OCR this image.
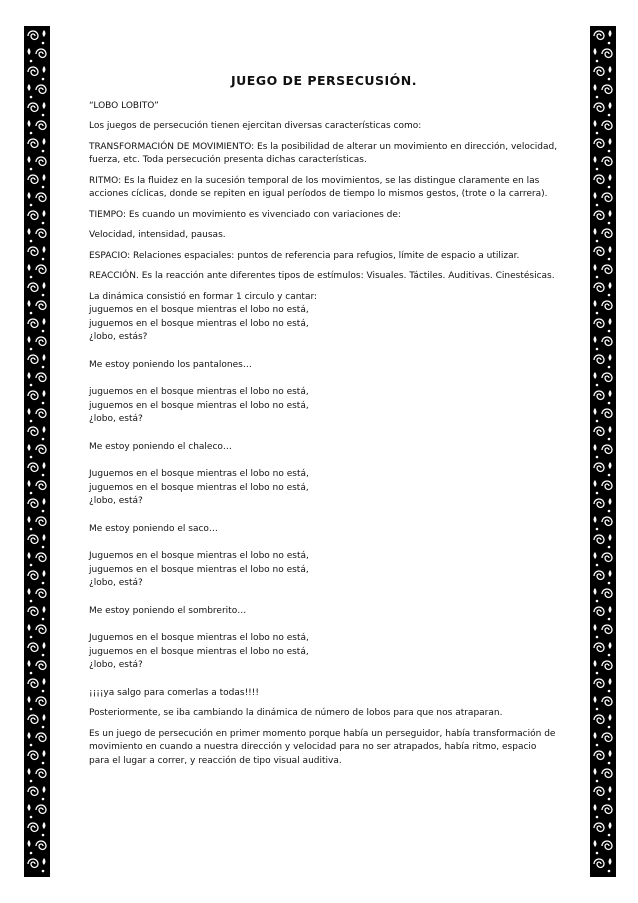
JUEGO DE PERSECUSIÓN.
“LOBO LOBITO”
Los juegos de persecución tienen ejercitan diversas características como:
TRANSFORMACIÓN DE MOVIMIENTO: Es la posibilidad de alterar un movimiento en dirección, velocidad, fuerza, etc. Toda persecución presenta dichas características.
RITMO: Es la fluidez en la sucesión temporal de los movimientos, se las distingue claramente en las acciones cíclicas, donde se repiten en igual períodos de tiempo lo mismos gestos, (trote o la carrera).
TIEMPO: Es cuando un movimiento es vivenciado con variaciones de:
Velocidad, intensidad, pausas.
ESPACIO: Relaciones espaciales: puntos de referencia para refugios, límite de espacio a utilizar.
REACCIÓN. Es la reacción ante diferentes tipos de estímulos: Visuales. Táctiles. Auditivas. Cinestésicas.
La dinámica consistió en formar 1 circulo y cantar:
juguemos en el bosque mientras el lobo no está,
juguemos en el bosque mientras el lobo no está,
¿lobo, estás?
Me estoy poniendo los pantalones…
juguemos en el bosque mientras el lobo no está,
juguemos en el bosque mientras el lobo no está,
¿lobo, está?
Me estoy poniendo el chaleco…
Juguemos en el bosque mientras el lobo no está,
juguemos en el bosque mientras el lobo no está,
¿lobo, está?
Me estoy poniendo el saco…
Juguemos en el bosque mientras el lobo no está,
juguemos en el bosque mientras el lobo no está,
¿lobo, está?
Me estoy poniendo el sombrerito…
Juguemos en el bosque mientras el lobo no está,
juguemos en el bosque mientras el lobo no está,
¿lobo, está?
¡¡¡¡ya salgo para comerlas a todas!!!!
Posteriormente, se iba cambiando la dinámica de número de lobos para que nos atraparan.
Es un juego de persecución en primer momento porque había un perseguidor, había transformación de movimiento en cuando a nuestra dirección y velocidad para no ser atrapados, había ritmo, espacio para el lugar a correr, y reacción de tipo visual auditiva.
